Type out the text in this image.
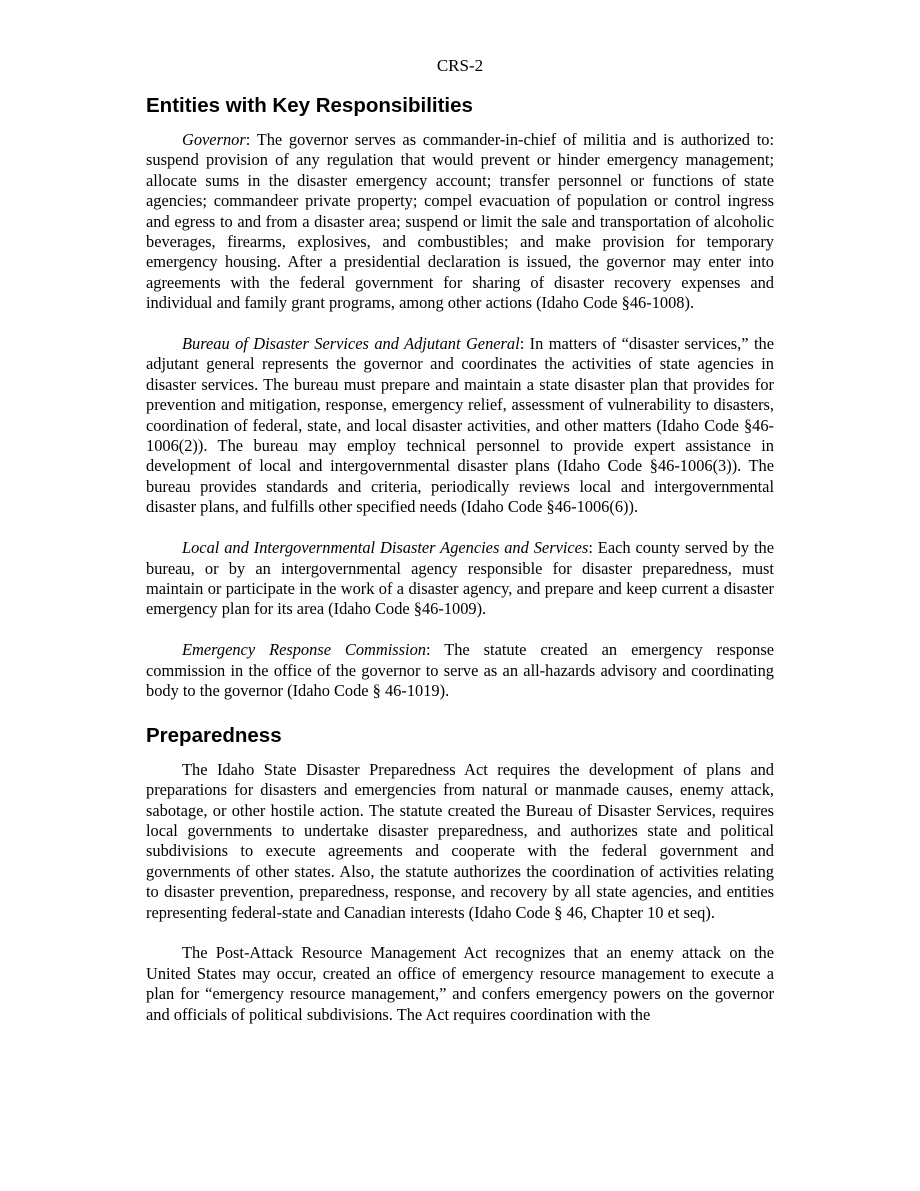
CRS-2
Entities with Key Responsibilities

Governor: The governor serves as commander-in-chief of militia and is authorized to: suspend provision of any regulation that would prevent or hinder emergency management; allocate sums in the disaster emergency account; transfer personnel or functions of state agencies; commandeer private property; compel evacuation of population or control ingress and egress to and from a disaster area; suspend or limit the sale and transportation of alcoholic beverages, firearms, explosives, and combustibles; and make provision for temporary emergency housing. After a presidential declaration is issued, the governor may enter into agreements with the federal government for sharing of disaster recovery expenses and individual and family grant programs, among other actions (Idaho Code §46-1008).

Bureau of Disaster Services and Adjutant General: In matters of “disaster services,” the adjutant general represents the governor and coordinates the activities of state agencies in disaster services. The bureau must prepare and maintain a state disaster plan that provides for prevention and mitigation, response, emergency relief, assessment of vulnerability to disasters, coordination of federal, state, and local disaster activities, and other matters (Idaho Code §46-1006(2)). The bureau may employ technical personnel to provide expert assistance in development of local and intergovernmental disaster plans (Idaho Code §46-1006(3)). The bureau provides standards and criteria, periodically reviews local and intergovernmental disaster plans, and fulfills other specified needs (Idaho Code §46-1006(6)).

Local and Intergovernmental Disaster Agencies and Services: Each county served by the bureau, or by an intergovernmental agency responsible for disaster preparedness, must maintain or participate in the work of a disaster agency, and prepare and keep current a disaster emergency plan for its area (Idaho Code §46-1009).

Emergency Response Commission: The statute created an emergency response commission in the office of the governor to serve as an all-hazards advisory and coordinating body to the governor (Idaho Code § 46-1019).

Preparedness

The Idaho State Disaster Preparedness Act requires the development of plans and preparations for disasters and emergencies from natural or manmade causes, enemy attack, sabotage, or other hostile action. The statute created the Bureau of Disaster Services, requires local governments to undertake disaster preparedness, and authorizes state and political subdivisions to execute agreements and cooperate with the federal government and governments of other states. Also, the statute authorizes the coordination of activities relating to disaster prevention, preparedness, response, and recovery by all state agencies, and entities representing federal-state and Canadian interests (Idaho Code § 46, Chapter 10 et seq).

The Post-Attack Resource Management Act recognizes that an enemy attack on the United States may occur, created an office of emergency resource management to execute a plan for “emergency resource management,” and confers emergency powers on the governor and officials of political subdivisions. The Act requires coordination with the
